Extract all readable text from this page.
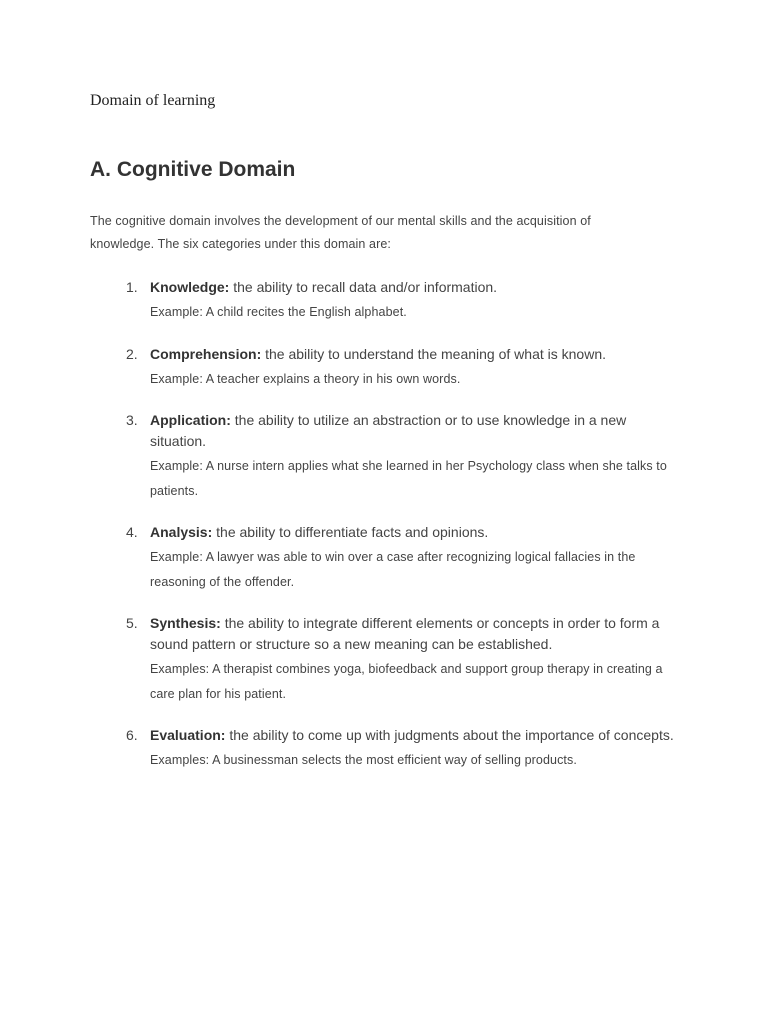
Domain of learning
A. Cognitive Domain

The cognitive domain involves the development of our mental skills and the acquisition of knowledge. The six categories under this domain are:

1. Knowledge: the ability to recall data and/or information.

Example: A child recites the English alphabet.

2. Comprehension: the ability to understand the meaning of what is known.

Example: A teacher explains a theory in his own words.

3. Application: the ability to utilize an abstraction or to use knowledge in a new situation.

Example: A nurse intern applies what she learned in her Psychology class when she talks to patients.

4. Analysis: the ability to differentiate facts and opinions.

Example: A lawyer was able to win over a case after recognizing logical fallacies in the reasoning of the offender.

5. Synthesis: the ability to integrate different elements or concepts in order to form a sound pattern or structure so a new meaning can be established.

Examples: A therapist combines yoga, biofeedback and support group therapy in creating a care plan for his patient.

6. Evaluation: the ability to come up with judgments about the importance of concepts.

Examples: A businessman selects the most efficient way of selling products.
